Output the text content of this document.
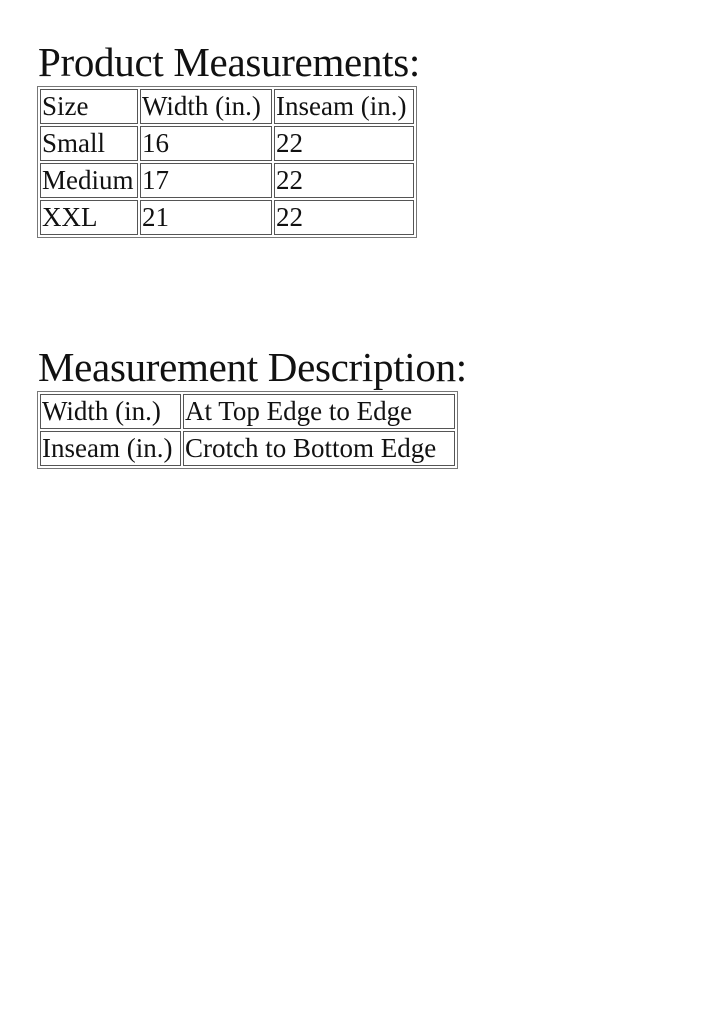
Product Measurements:
Size	Width (in.)	Inseam (in.)
Small	16	22
Medium	17	22
XXL	21	22
Measurement Description:
Width (in.)	At Top Edge to Edge
Inseam (in.)	Crotch to Bottom Edge
